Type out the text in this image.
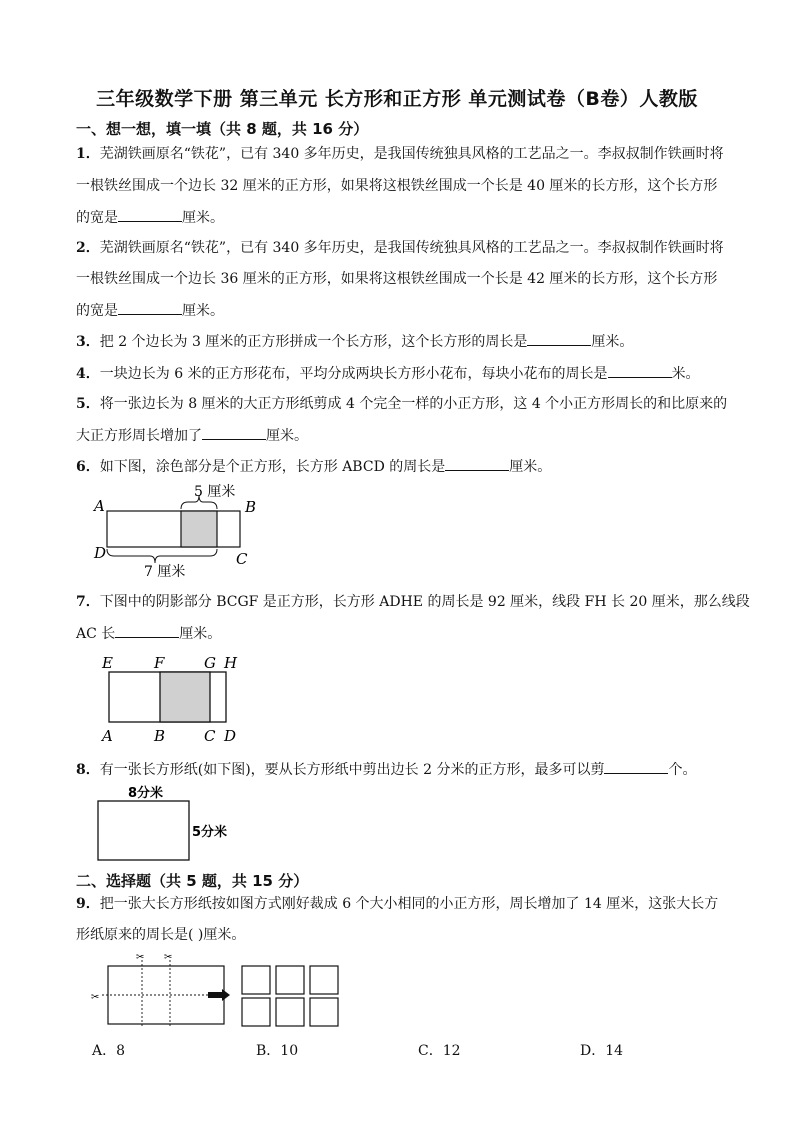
三年级数学下册 第三单元 长方形和正方形 单元测试卷（B卷）人教版
一、想一想，填一填（共 8 题，共 16 分）
1．芜湖铁画原名“铁花”，已有 340 多年历史，是我国传统独具风格的工艺品之一。李叔叔制作铁画时将
一根铁丝围成一个边长 32 厘米的正方形，如果将这根铁丝围成一个长是 40 厘米的长方形，这个长方形
的宽是	厘米。
2．芜湖铁画原名“铁花”，已有 340 多年历史，是我国传统独具风格的工艺品之一。李叔叔制作铁画时将
一根铁丝围成一个边长 36 厘米的正方形，如果将这根铁丝围成一个长是 42 厘米的长方形，这个长方形
的宽是	厘米。
3．把 2 个边长为 3 厘米的正方形拼成一个长方形，这个长方形的周长是	厘米。
4．一块边长为 6 米的正方形花布，平均分成两块长方形小花布，每块小花布的周长是	米。
5．将一张边长为 8 厘米的大正方形纸剪成 4 个完全一样的小正方形，这 4 个小正方形周长的和比原来的
大正方形周长增加了	厘米。
6．如下图，涂色部分是个正方形，长方形 ABCD 的周长是	厘米。
5 厘米
7 厘米
A	B
C
D
7．下图中的阴影部分 BCGF 是正方形，长方形 ADHE 的周长是 92 厘米，线段 FH 长 20 厘米，那么线段
AC 长	厘米。
E	F	G H
A	B	C D
8．有一张长方形纸(如下图)，要从长方形纸中剪出边长 2 分米的正方形，最多可以剪	个。
8分米
5分米
二、选择题（共 5 题，共 15 分）
9．把一张大长方形纸按如图方式刚好裁成 6 个大小相同的小正方形，周长增加了 14 厘米，这张大长方
形纸原来的周长是( )厘米。
✂ ✂
✂
A．8	B．10	C．12	D．14
